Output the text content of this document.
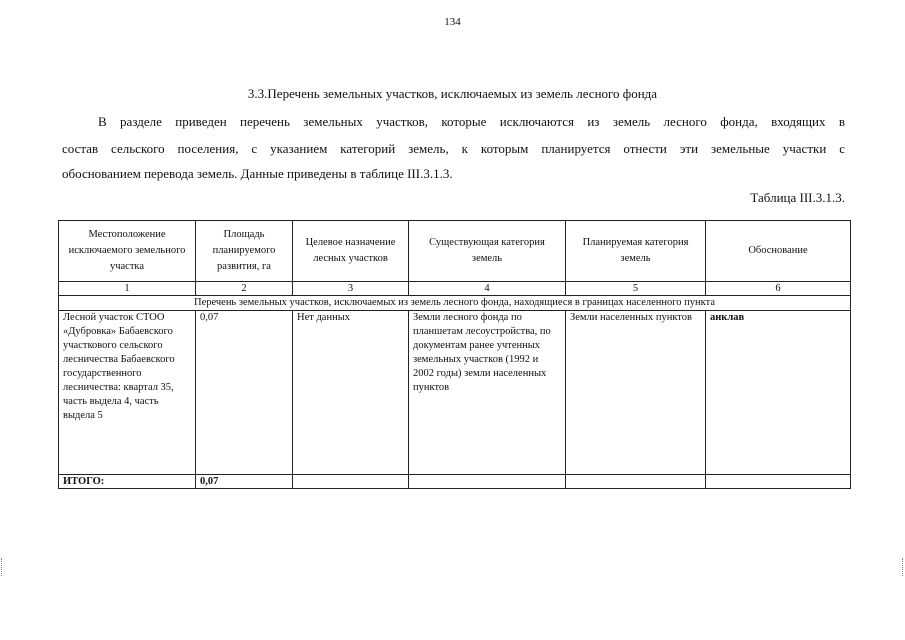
134
3.3.Перечень земельных участков, исключаемых из земель лесного фонда
В разделе приведен перечень земельных участков, которые исключаются из земель лесного фонда, входящих в
состав сельского поселения, с указанием категорий земель, к которым планируется отнести эти земельные участки с
обоснованием перевода земель. Данные приведены в таблице III.3.1.3.
Таблица III.3.1.3.
Местоположение исключаемого земельного участка	Площадь планируемого развития, га	Целевое назначение лесных участков	Существующая категория земель	Планируемая категория земель	Обоснование
1	2	3	4	5	6
Перечень земельных участков, исключаемых из земель лесного фонда, находящиеся в границах населенного пункта					
Лесной участок СТОО «Дубровка» Бабаевского участкового сельского лесничества Бабаевского государственного лесничества: квартал 35, часть выдела 4, часть выдела 5	0,07	Нет данных	Земли лесного фонда по планшетам лесоустройства, по документам ранее учтенных земельных участков (1992 и 2002 годы) земли населенных пунктов	Земли населенных пунктов	анклав
ИТОГО:	0,07				
